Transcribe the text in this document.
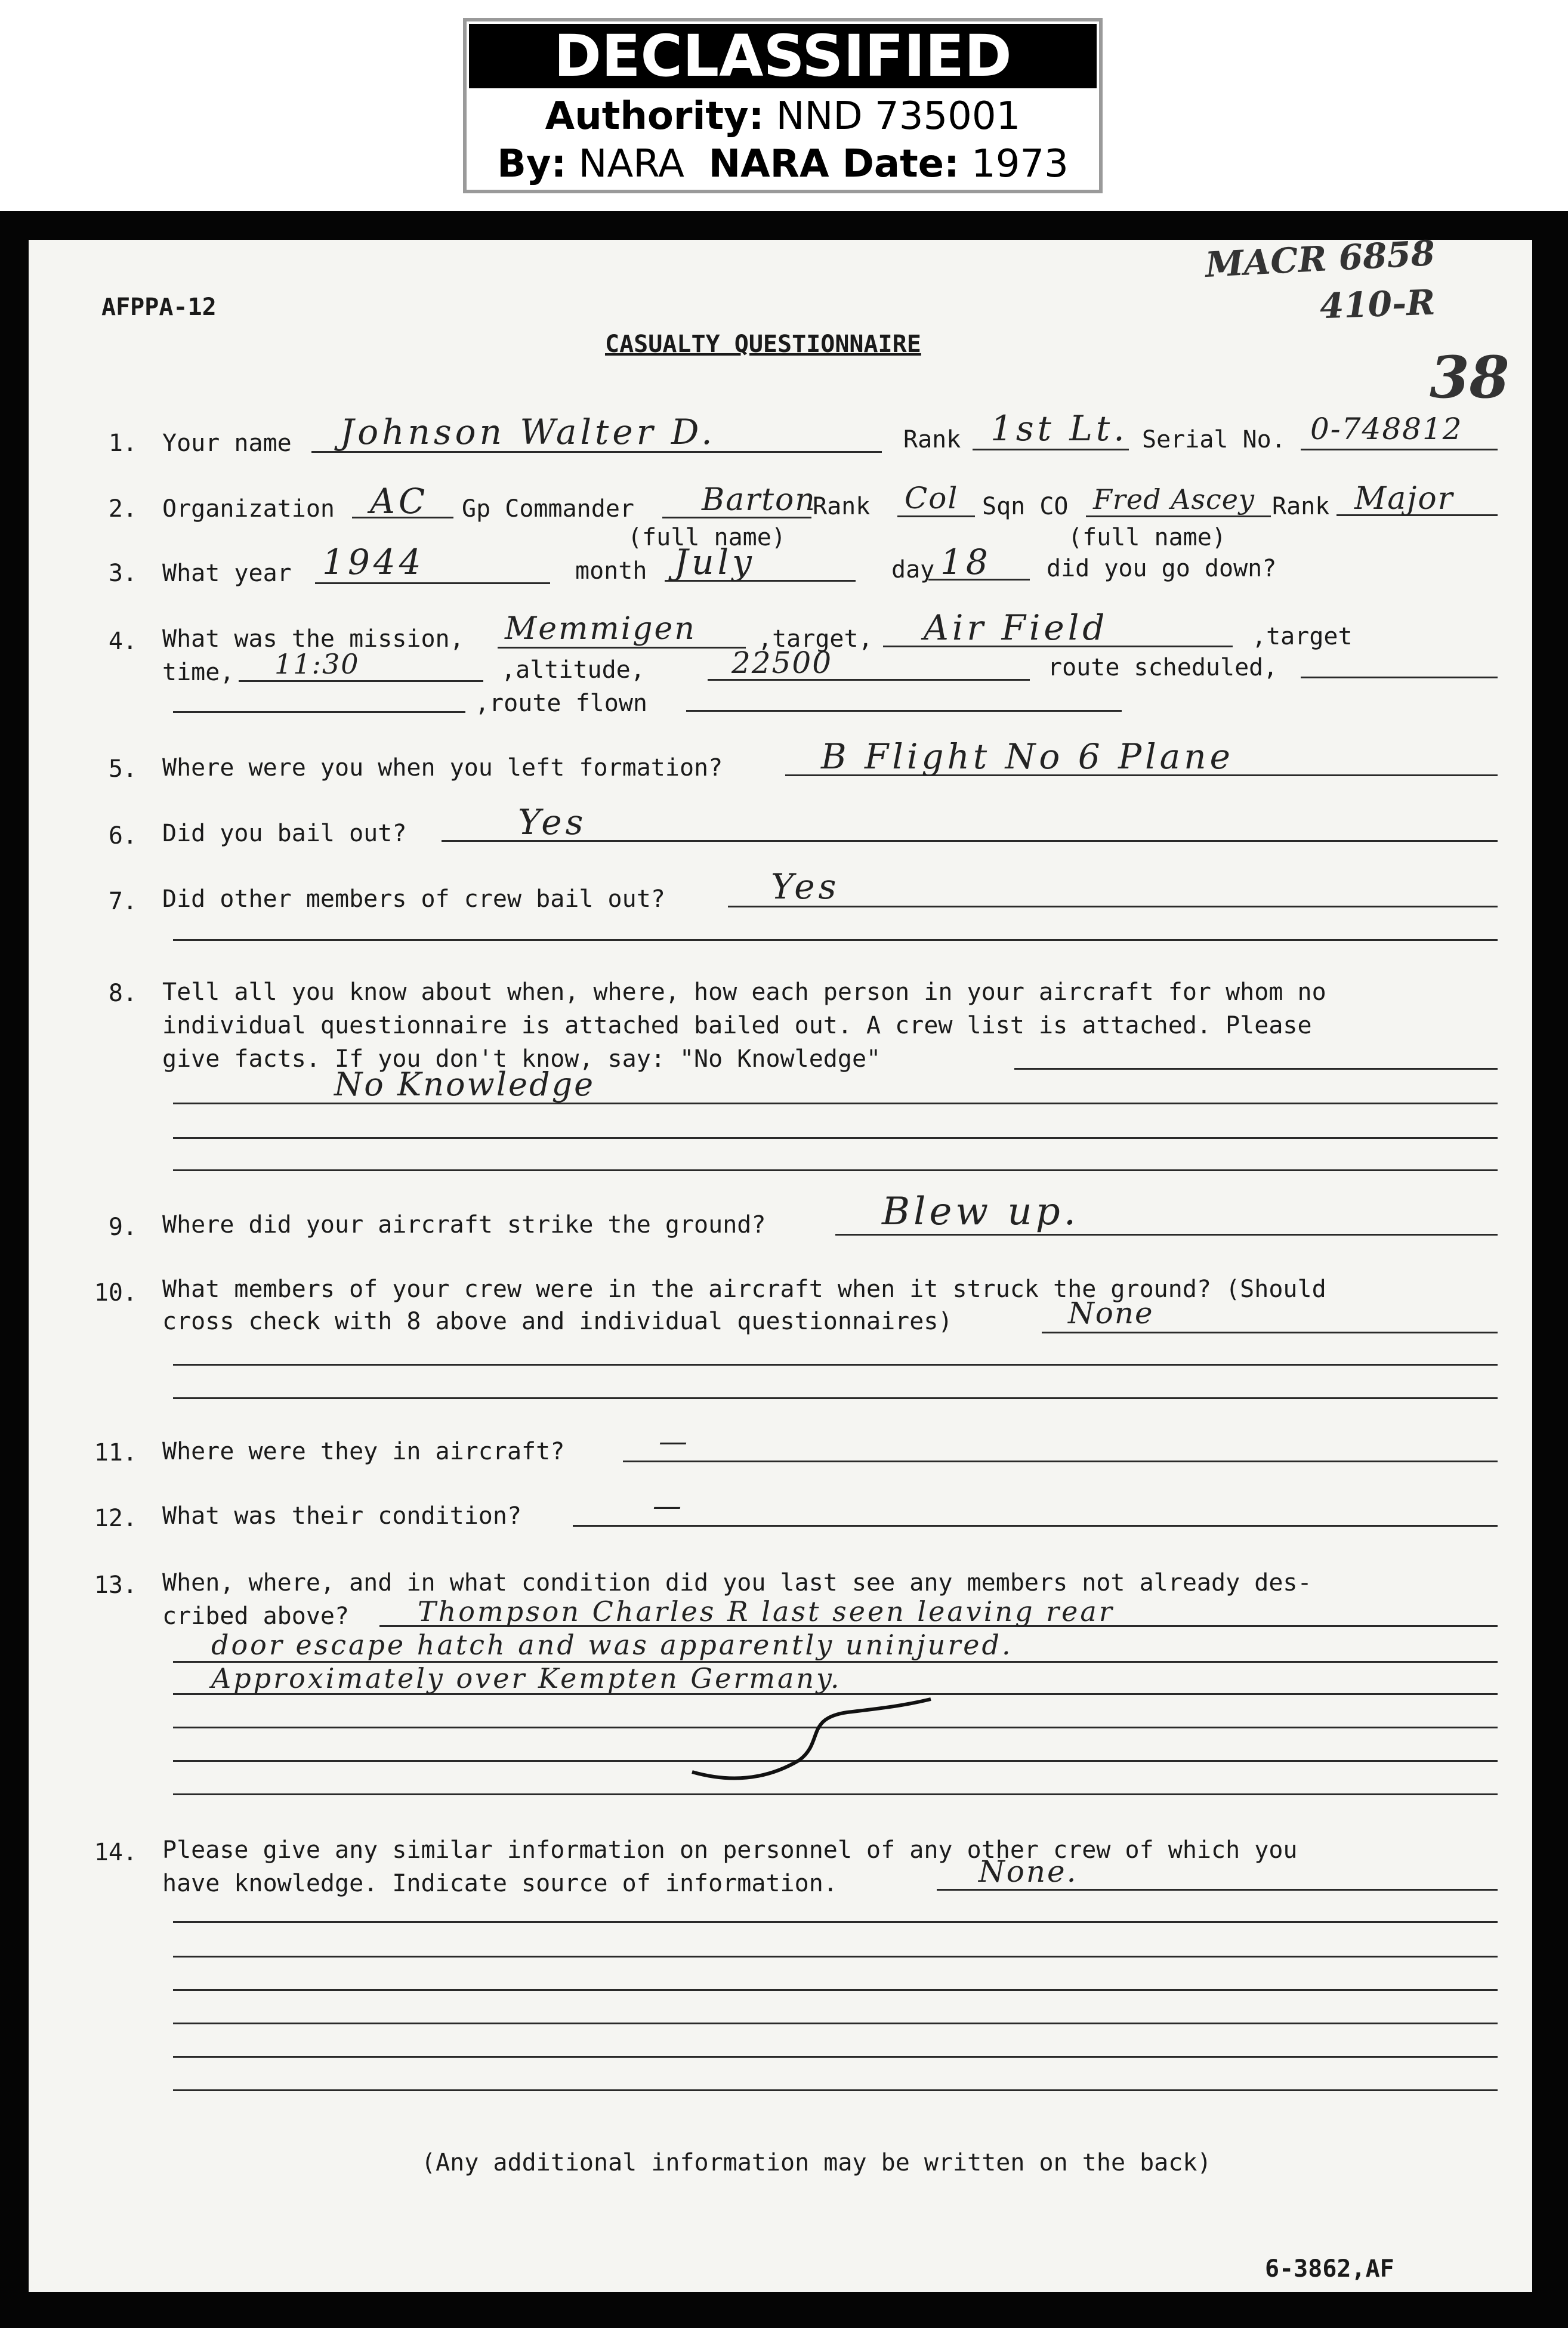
DECLASSIFIED
Authority: NND 735001
By: NARA NARA Date: 1973
AFPPA-12
CASUALTY QUESTIONNAIRE
MACR 6858
410-R
38
1. Your name Johnson Walter D.	Rank 1st Lt. Serial No. 0-748812
2. Organization AC Gp Commander Barton
Rank Col Sqn CO Fred Ascey Rank Major
(full name)	(full name)
3. What year 1944	month July	day 18 did you go down?
4. What was the mission, Memmigen	,target, Air Field	,target
time, 11:30	,altitude,	22500	route scheduled,
,route flown
5. Where were you when you left formation?	B Flight No 6 Plane
6. Did you bail out?	Yes
7. Did other members of crew bail out?	Yes
8. Tell all you know about when, where, how each person in your aircraft for whom no
individual questionnaire is attached bailed out. A crew list is attached. Please
give facts. If you don't know, say: "No Knowledge"
No Knowledge
9. Where did your aircraft strike the ground?	Blew up.
10. What members of your crew were in the aircraft when it struck the ground? (Should
cross check with 8 above and individual questionnaires)	None
11. Where were they in aircraft?	—
12. What was their condition?	—
13. When, where, and in what condition did you last see any members not already des-
cribed above? Thompson Charles R last seen leaving rear
door escape hatch and was apparently uninjured.
Approximately over Kempten Germany.
14. Please give any similar information on personnel of any other crew of which you
have knowledge. Indicate source of information.	None.
(Any additional information may be written on the back)
6-3862,AF
